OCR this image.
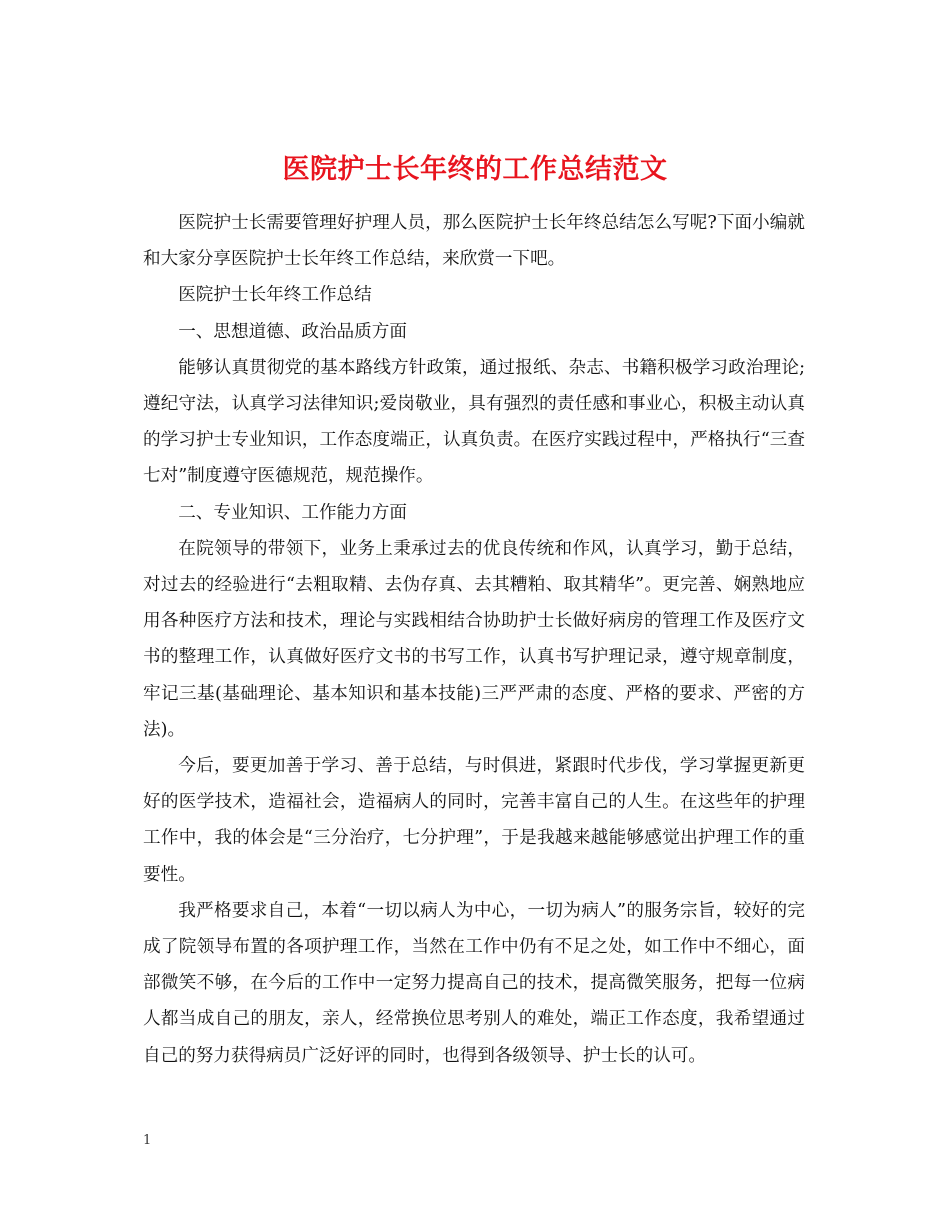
医院护士长年终的工作总结范文

医院护士长需要管理好护理人员，那么医院护士长年终总结怎么写呢?下面小编就和大家分享医院护士长年终工作总结，来欣赏一下吧。

医院护士长年终工作总结

一、思想道德、政治品质方面

能够认真贯彻党的基本路线方针政策，通过报纸、杂志、书籍积极学习政治理论;遵纪守法，认真学习法律知识;爱岗敬业，具有强烈的责任感和事业心，积极主动认真的学习护士专业知识，工作态度端正，认真负责。在医疗实践过程中，严格执行“三查七对”制度遵守医德规范，规范操作。

二、专业知识、工作能力方面

在院领导的带领下，业务上秉承过去的优良传统和作风，认真学习，勤于总结，对过去的经验进行“去粗取精、去伪存真、去其糟粕、取其精华”。更完善、娴熟地应用各种医疗方法和技术，理论与实践相结合协助护士长做好病房的管理工作及医疗文书的整理工作，认真做好医疗文书的书写工作，认真书写护理记录，遵守规章制度，牢记三基(基础理论、基本知识和基本技能)三严严肃的态度、严格的要求、严密的方法)。

今后，要更加善于学习、善于总结，与时俱进，紧跟时代步伐，学习掌握更新更好的医学技术，造福社会，造福病人的同时，完善丰富自己的人生。在这些年的护理工作中，我的体会是“三分治疗，七分护理”，于是我越来越能够感觉出护理工作的重要性。

我严格要求自己，本着“一切以病人为中心，一切为病人”的服务宗旨，较好的完成了院领导布置的各项护理工作，当然在工作中仍有不足之处，如工作中不细心，面部微笑不够，在今后的工作中一定努力提高自己的技术，提高微笑服务，把每一位病人都当成自己的朋友，亲人，经常换位思考别人的难处，端正工作态度，我希望通过自己的努力获得病员广泛好评的同时，也得到各级领导、护士长的认可。

1
